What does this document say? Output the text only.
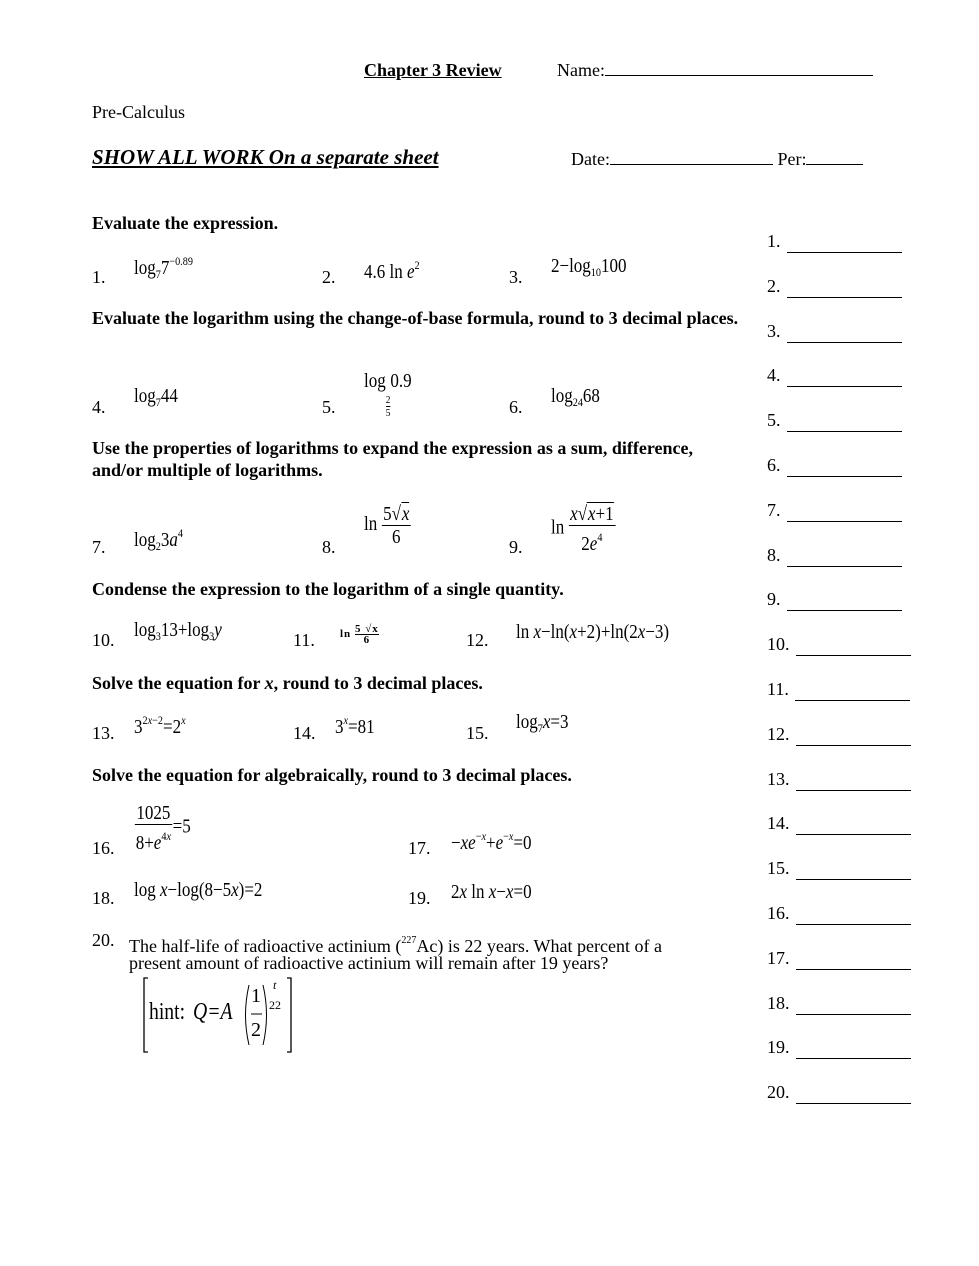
Chapter 3 Review	Name:
Pre-Calculus
SHOW ALL WORK On a separate sheet	Date:	Per:
Evaluate the expression.
1. $\log_77^{-0.89}$
2. 4.6 $\ln e^2$
3. $2-\log_{10}100$
Evaluate the logarithm using the change-of-base formula, round to 3 decimal places.
4. $\log_744$	5.
log
$\frac{2}{5}$
0.9
6. $\log_{24}68$
Use the properties of logarithms to expand the expression as a sum, difference, and/or multiple of logarithms.
7. $\log_23a^4$
8.
$\ln \frac{5√x}{6}$	9.
$\ln \frac{x√x+1}{2e^4}$
Condense the expression to the logarithm of a single quantity.
10. $\log_313+\log_3y$	11. $\ln \frac{5 √x}{6}$	12. ln x−ln(x+2)+ln(2x−3)
Solve the equation for x, round to 3 decimal places.
13. $3^{2x-2}=2^x$
14. $3^x=81$	15. $\log_7x=3$
Solve the equation for algebraically, round to 3 decimal places.
16. $\frac{1025}{8+e^{4x}} =5$
17. $-xe^{-x}+e^{-x}=0$
18. log x−log(8−5x)=2	19. 2x ln x−x=0
20. The half-life of radioactive actinium ($^{227}$Ac) is 22 years. What percent of a
present amount of radioactive actinium will remain after 19 years?
hint: Q=A
1
2
t
22
1.
2.
3.
4.
5.
6.
7.
8.
9.
10.
11.
12.
13.
14.
15.
16.
17.
18.
19.
20.
